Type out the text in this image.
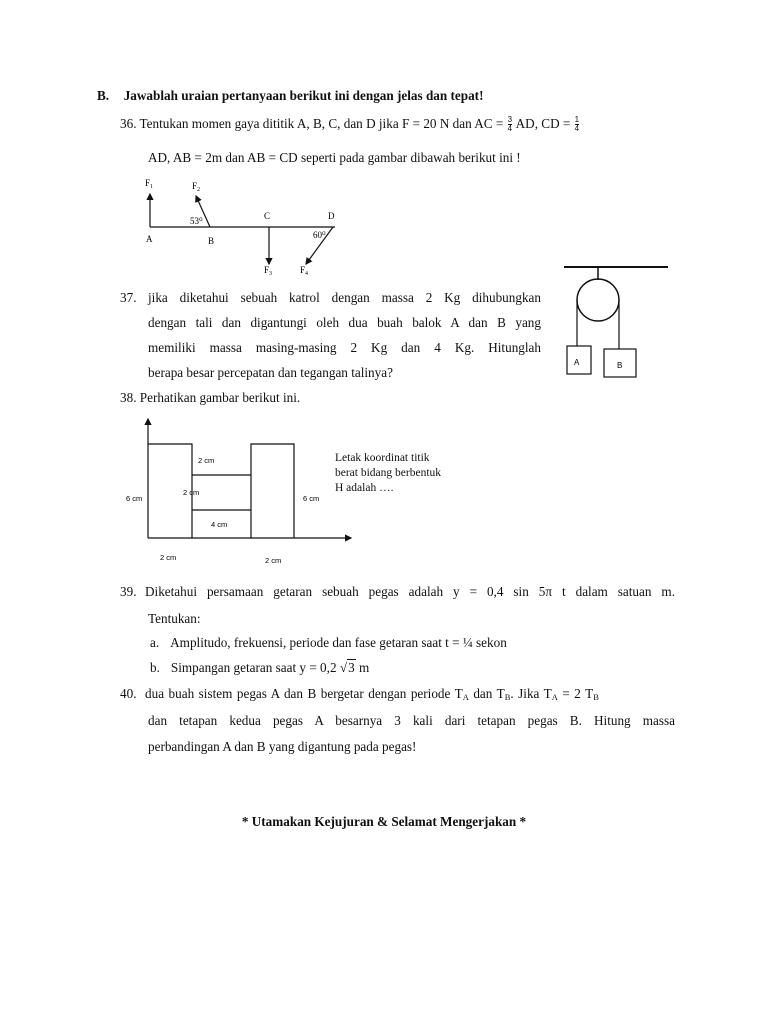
B. Jawablah uraian pertanyaan berikut ini dengan jelas dan tepat!
36. Tentukan momen gaya dititik A, B, C, dan D jika F = 20 N dan AC = $\frac{3}{4}$ AD, CD = $\frac{1}{4}$
AD, AB = 2m dan AB = CD seperti pada gambar dibawah berikut ini !
$F_1$	$F_2$
$F_3$	$F_4$
53⁰
60⁰
A	B
C	D
37. jika diketahui sebuah katrol dengan massa 2 Kg dihubungkan
dengan tali dan digantungi oleh dua buah balok A dan B yang
memiliki massa masing-masing 2 Kg dan 4 Kg. Hitunglah
berapa besar percepatan dan tegangan talinya?
A	B
38. Perhatikan gambar berikut ini.
2 cm
2 cm
4 cm
6 cm	6 cm
2 cm	2 cm
Letak koordinat titik
berat bidang berbentuk
H adalah ….
39. Diketahui persamaan getaran sebuah pegas adalah y = 0,4 sin 5π t dalam satuan m.
Tentukan:
a. Amplitudo, frekuensi, periode dan fase getaran saat t = ¼ sekon
b. Simpangan getaran saat y = 0,2 √3 m
40. dua buah sistem pegas A dan B bergetar dengan periode $T_A$ dan $T_B$. Jika $T_A = 2$ $T_B$
dan tetapan kedua pegas A besarnya 3 kali dari tetapan pegas B. Hitung massa
perbandingan A dan B yang digantung pada pegas!
* Utamakan Kejujuran & Selamat Mengerjakan *
